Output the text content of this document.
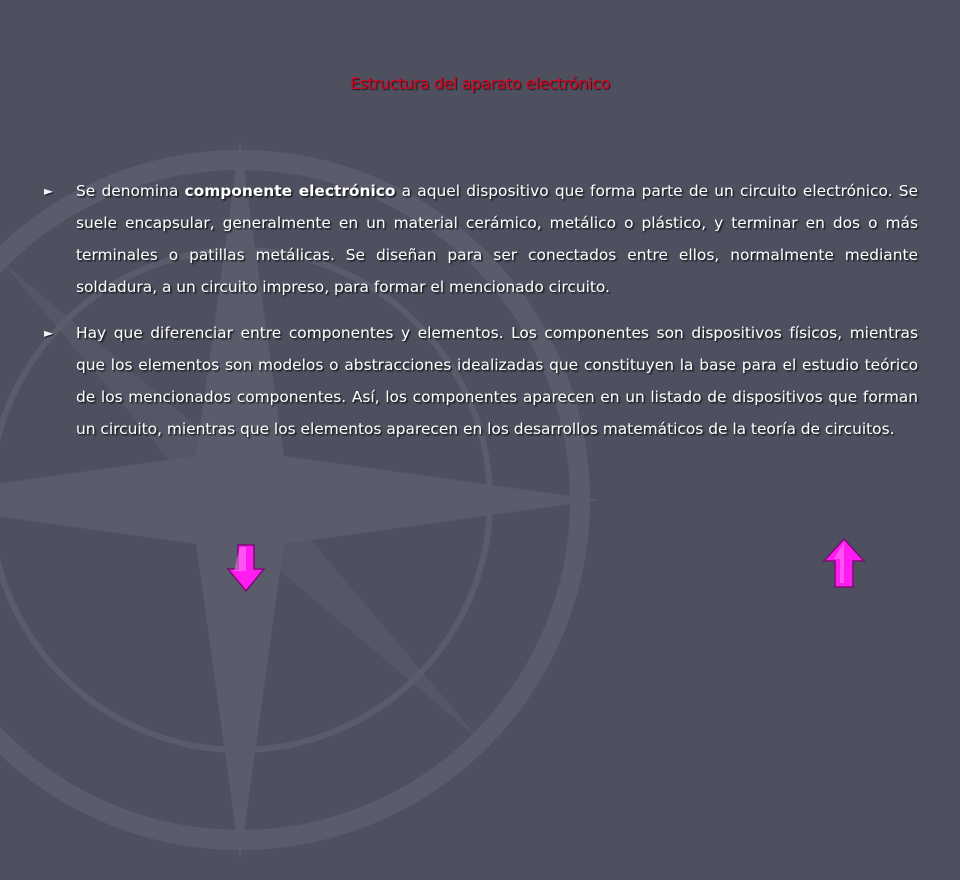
Estructura del aparato electrónico
►	Se denomina componente electrónico a aquel dispositivo que forma parte de un circuito electrónico. Se suele encapsular, generalmente en un material cerámico, metálico o plástico, y terminar en dos o más terminales o patillas metálicas. Se diseñan para ser conectados entre ellos, normalmente mediante soldadura, a un circuito impreso, para formar el mencionado circuito.
►	Hay que diferenciar entre componentes y elementos. Los componentes son dispositivos físicos, mientras que los elementos son modelos o abstracciones idealizadas que constituyen la base para el estudio teórico de los mencionados componentes. Así, los componentes aparecen en un listado de dispositivos que forman un circuito, mientras que los elementos aparecen en los desarrollos matemáticos de la teoría de circuitos.
